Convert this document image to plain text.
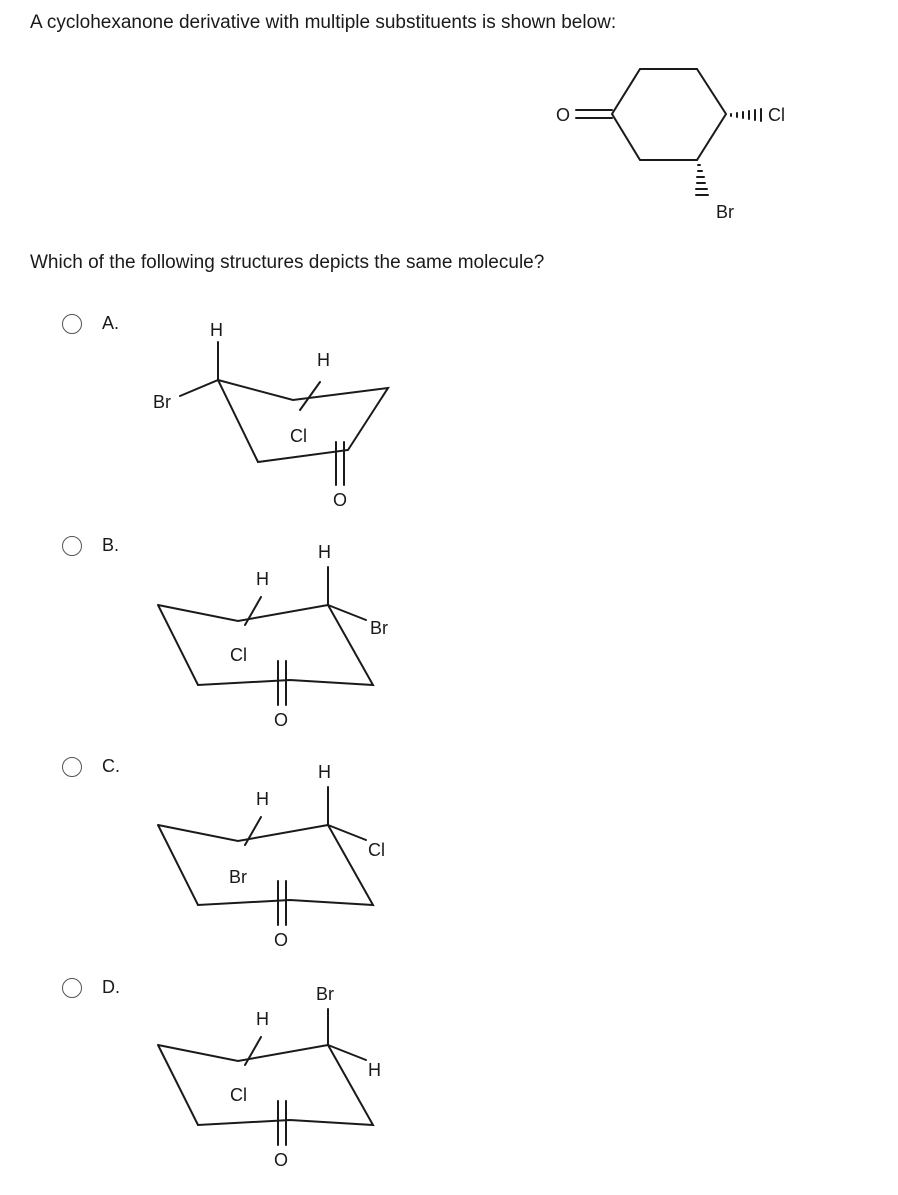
A cyclohexanone derivative with multiple substituents is shown below:
O	Cl
Br
Which of the following structures depicts the same molecule?
A.	H
Br
H
Cl
O
B.
H
H
Br
Cl
O
C.
H
H
Cl
Br
O
D.
H
Br
H
Cl
O
